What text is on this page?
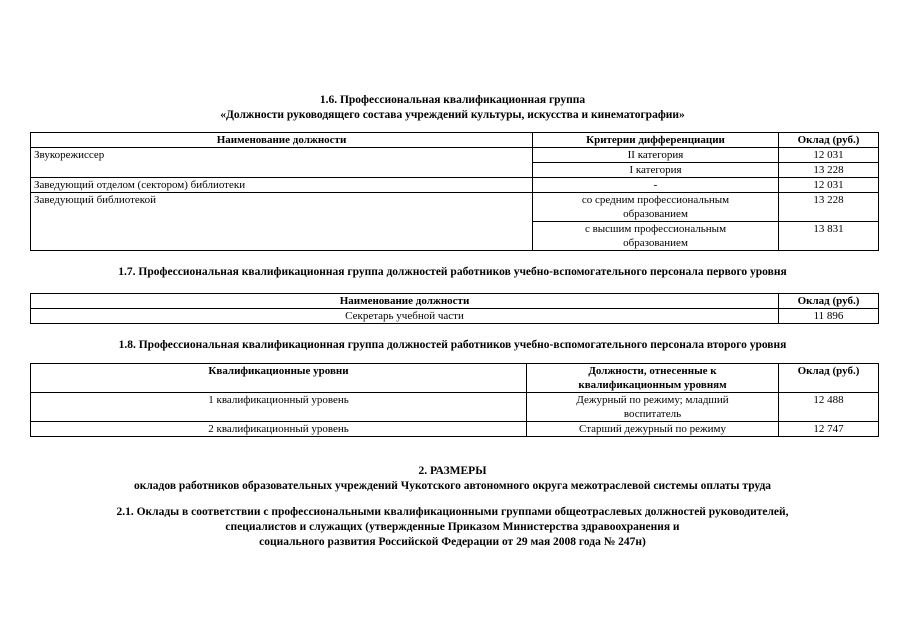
1.6. Профессиональная квалификационная группа
«Должности руководящего состава учреждений культуры, искусства и кинематографии»
Наименование должности	Критерии дифференциации	Оклад (руб.)
Звукорежиссер	II категория	12 031
	I категория	13 228
Заведующий отделом (сектором) библиотеки	-	12 031
Заведующий библиотекой	со средним профессиональным образованием	13 228
	с высшим профессиональным образованием	13 831
1.7. Профессиональная квалификационная группа должностей работников учебно-вспомогательного персонала первого уровня
Наименование должности	Оклад (руб.)
Секретарь учебной части	11 896
1.8. Профессиональная квалификационная группа должностей работников учебно-вспомогательного персонала второго уровня
Квалификационные уровни	Должности, отнесенные к квалификационным уровням	Оклад (руб.)
1 квалификационный уровень	Дежурный по режиму; младший воспитатель	12 488
2 квалификационный уровень	Старший дежурный по режиму	12 747
2. РАЗМЕРЫ
окладов работников образовательных учреждений Чукотского автономного округа межотраслевой системы оплаты труда
2.1. Оклады в соответствии с профессиональными квалификационными группами общеотраслевых должностей руководителей,
специалистов и служащих (утвержденные Приказом Министерства здравоохранения и
социального развития Российской Федерации от 29 мая 2008 года № 247н)
